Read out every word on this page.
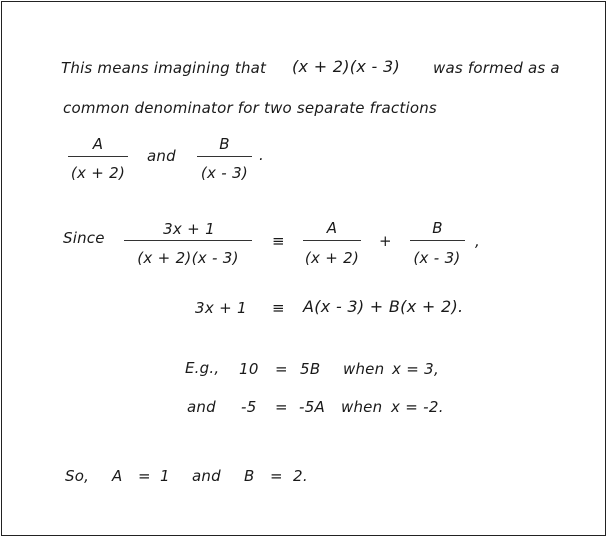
This means imagining that (x + 2)(x - 3) was formed as a
common denominator for two separate fractions
A
(x + 2)
and
B
(x - 3)
.
Since	3x + 1
(x + 2)(x - 3)
≡
A
(x + 2)
+
B
(x - 3)
,
3x + 1 ≡ A(x - 3) + B(x + 2).
E.g., 10 = 5B when x = 3,
and -5 = -5A when x = -2.
So, A = 1 and B = 2.
